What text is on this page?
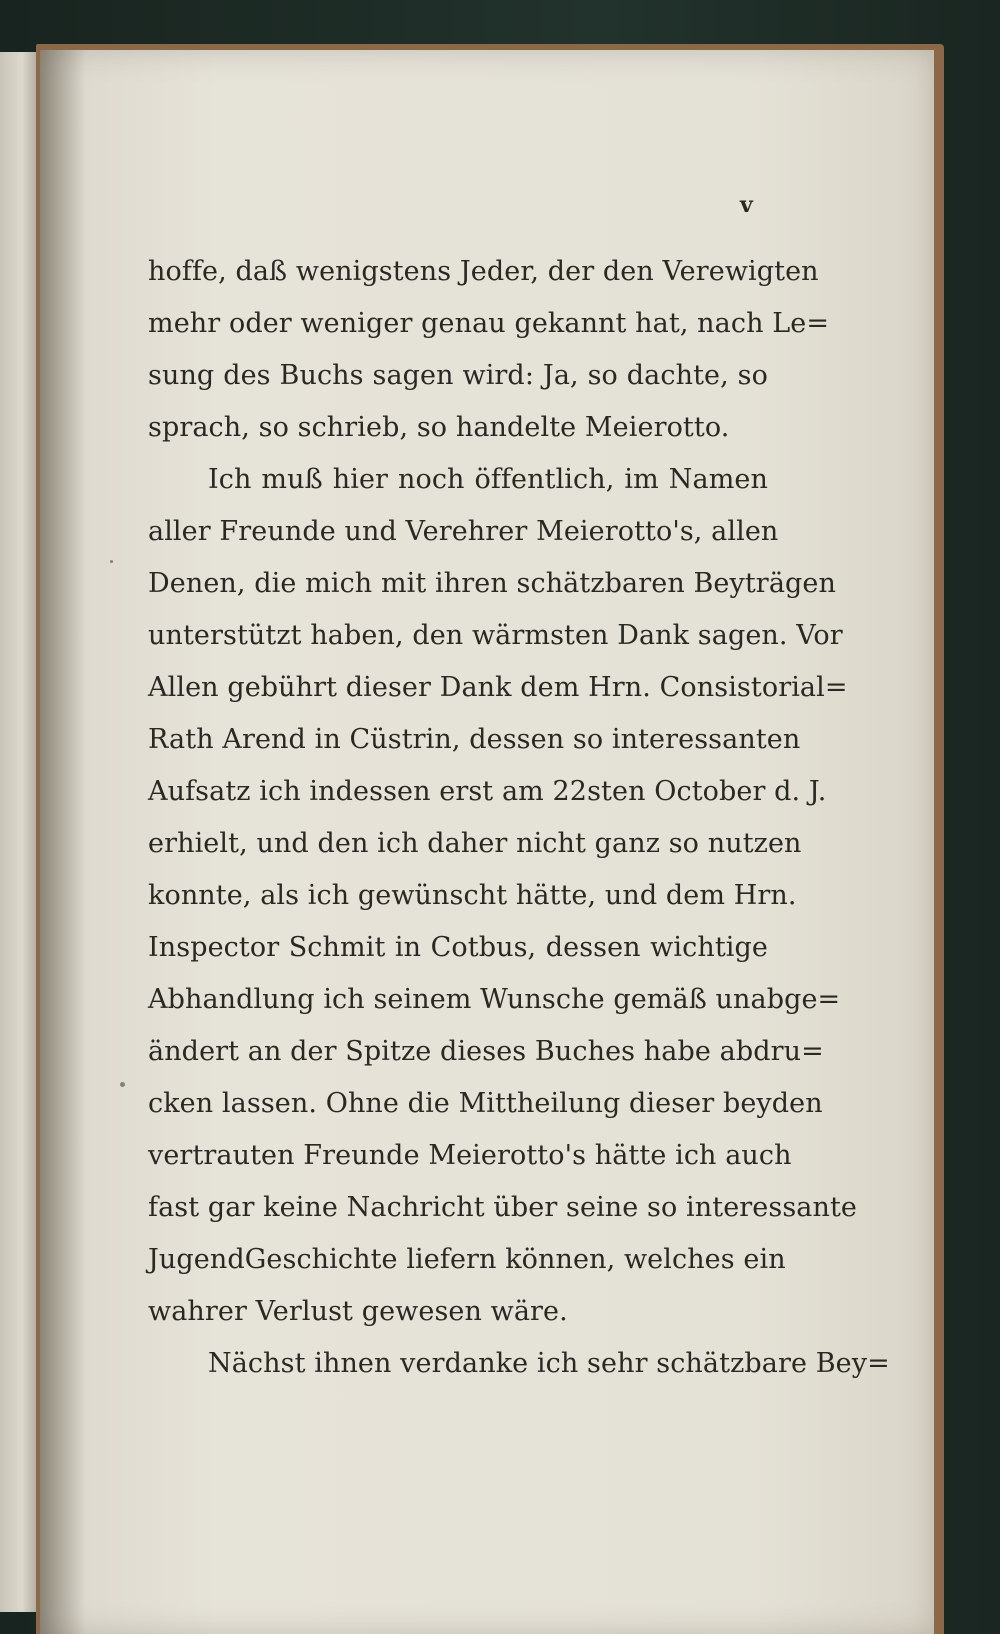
v
hoffe, daß wenigstens Jeder, der den Verewigten
mehr oder weniger genau gekannt hat, nach Le=
sung des Buchs sagen wird: Ja, so dachte, so
sprach, so schrieb, so handelte Meierotto.
Ich muß hier noch öffentlich, im Namen
aller Freunde und Verehrer Meierotto's, allen
Denen, die mich mit ihren schätzbaren Beyträgen
unterstützt haben, den wärmsten Dank sagen. Vor
Allen gebührt dieser Dank dem Hrn. Consistorial=
Rath Arend in Cüstrin, dessen so interessanten
Aufsatz ich indessen erst am 22sten October d. J.
erhielt, und den ich daher nicht ganz so nutzen
konnte, als ich gewünscht hätte, und dem Hrn.
Inspector Schmit in Cotbus, dessen wichtige
Abhandlung ich seinem Wunsche gemäß unabge=
ändert an der Spitze dieses Buches habe abdru=
cken lassen. Ohne die Mittheilung dieser beyden
vertrauten Freunde Meierotto's hätte ich auch
fast gar keine Nachricht über seine so interessante
JugendGeschichte liefern können, welches ein
wahrer Verlust gewesen wäre.
Nächst ihnen verdanke ich sehr schätzbare Bey=
